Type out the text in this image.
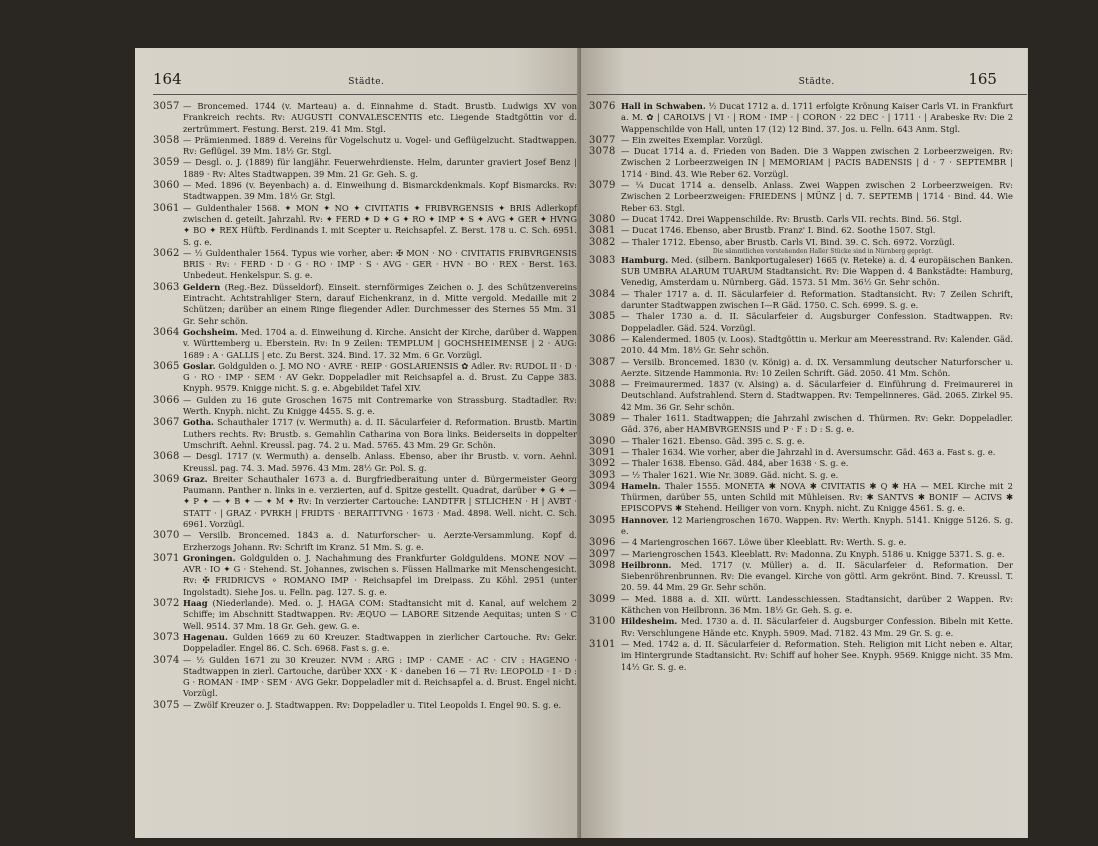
164	Städte.
3057 — Broncemed. 1744 (v. Marteau) a. d. Einnahme d. Stadt. Brustb. Ludwigs XV von Frankreich rechts. Rv: AUGUSTI CONVALESCENTIS etc. Liegende Stadtgöttin vor d. zertrümmert. Festung. Berst. 219. 41 Mm. Stgl.
3058 — Prämienmed. 1889 d. Vereins für Vogelschutz u. Vogel- und Geflügelzucht. Stadtwappen. Rv: Geflügel. 39 Mm. 18½ Gr. Stgl.
3059 — Desgl. o. J. (1889) für langjähr. Feuerwehrdienste. Helm, darunter graviert Josef Benz | 1889 · Rv: Altes Stadtwappen. 39 Mm. 21 Gr. Geh. S. g.
3060 — Med. 1896 (v. Beyenbach) a. d. Einweihung d. Bismarckdenkmals. Kopf Bismarcks. Rv: Stadtwappen. 39 Mm. 18½ Gr. Stgl.
3061 — Guldenthaler 1568. ✦ MON ✦ NO ✦ CIVITATIS ✦ FRIBVRGENSIS ✦ BRIS Adlerkopf zwischen d. geteilt. Jahrzahl. Rv: ✦ FERD ✦ D ✦ G ✦ RO ✦ IMP ✦ S ✦ AVG ✦ GER ✦ HVNG ✦ BO ✦ REX Hüftb. Ferdinands I. mit Scepter u. Reichsapfel. Z. Berst. 178 u. C. Sch. 6951. S. g. e.
3062 — ½ Guldenthaler 1564. Typus wie vorher, aber: ✠ MON · NO · CIVITATIS FRIBVRGENSIS BRIS · Rv: · FERD · D · G · RO · IMP · S · AVG · GER · HVN · BO · REX · Berst. 163. Unbedeut. Henkelspur. S. g. e.
3063 Geldern (Reg.-Bez. Düsseldorf). Einseit. sternförmiges Zeichen o. J. des Schützenvereins Eintracht. Achtstrahliger Stern, darauf Eichenkranz, in d. Mitte vergold. Medaille mit 2 Schützen; darüber an einem Ringe fliegender Adler. Durchmesser des Sternes 55 Mm. 31 Gr. Sehr schön.
3064 Gochsheim. Med. 1704 a. d. Einweihung d. Kirche. Ansicht der Kirche, darüber d. Wappen v. Württemberg u. Eberstein. Rv: In 9 Zeilen: TEMPLUM | GOCHSHEIMENSE | 2 · AUG: 1689 : A · GALLIS | etc. Zu Berst. 324. Bind. 17. 32 Mm. 6 Gr. Vorzügl.
3065 Goslar. Goldgulden o. J. MO NO · AVRE · REIP · GOSLARIENSIS ✿ Adler. Rv: RUDOL II · D · G · RO · IMP · SEM · AV Gekr. Doppeladler mit Reichsapfel a. d. Brust. Zu Cappe 383. Knyph. 9579. Knigge nicht. S. g. e. Abgebildet Tafel XIV.
3066 — Gulden zu 16 gute Groschen 1675 mit Contremarke von Strassburg. Stadtadler. Rv: Werth. Knyph. nicht. Zu Knigge 4455. S. g. e.
3067 Gotha. Schauthaler 1717 (v. Wermuth) a. d. II. Säcularfeier d. Reformation. Brustb. Martin Luthers rechts. Rv: Brustb. s. Gemahlin Catharina von Bora links. Beiderseits in doppelter Umschrift. Aehnl. Kreussl. pag. 74. 2 u. Mad. 5765. 43 Mm. 29 Gr. Schön.
3068 — Desgl. 1717 (v. Wermuth) a. denselb. Anlass. Ebenso, aber ihr Brustb. v. vorn. Aehnl. Kreussl. pag. 74. 3. Mad. 5976. 43 Mm. 28½ Gr. Pol. S. g.
3069 Graz. Breiter Schauthaler 1673 a. d. Burgfriedberaitung unter d. Bürgermeister Georg Paumann. Panther n. links in e. verzierten, auf d. Spitze gestellt. Quadrat, darüber ✦ G ✦ — ✦ P ✦ — ✦ B ✦ — ✦ M ✦ Rv: In verzierter Cartouche: LANDTFR | STLICHEN · H | AVBT · STATT · | GRAZ · PVRKH | FRIDTS · BERAITTVNG · 1673 · Mad. 4898. Well. nicht. C. Sch. 6961. Vorzügl.
3070 — Versilb. Broncemed. 1843 a. d. Naturforscher- u. Aerzte-Versammlung. Kopf d. Erzherzogs Johann. Rv: Schrift im Kranz. 51 Mm. S. g. e.
3071 Groningen. Goldgulden o. J. Nachahmung des Frankfurter Goldguldens. MONE NOV — AVR · IO ✦ G · Stehend. St. Johannes, zwischen s. Füssen Hallmarke mit Menschengesicht. Rv: ✠ FRIDRICVS ⚬ ROMANO IMP · Reichsapfel im Dreipass. Zu Köhl. 2951 (unter Ingolstadt). Siehe Jos. u. Felln. pag. 127. S. g. e.
3072 Haag (Niederlande). Med. o. J. HAGA COM: Stadtansicht mit d. Kanal, auf welchem 2 Schiffe; im Abschnitt Stadtwappen. Rv: ÆQUO — LABORE Sitzende Aequitas; unten S · C Well. 9514. 37 Mm. 18 Gr. Geh. gew. G. e.
3073 Hagenau. Gulden 1669 zu 60 Kreuzer. Stadtwappen in zierlicher Cartouche. Rv: Gekr. Doppeladler. Engel 86. C. Sch. 6968. Fast s. g. e.
3074 — ½ Gulden 1671 zu 30 Kreuzer. NVM : ARG : IMP · CAME · AC · CIV : HAGENO · Stadtwappen in zierl. Cartouche, darüber XXX · K · daneben 16 — 71 Rv: LEOPOLD · I · D : G · ROMAN · IMP · SEM · AVG Gekr. Doppeladler mit d. Reichsapfel a. d. Brust. Engel nicht. Vorzügl.
3075 — Zwölf Kreuzer o. J. Stadtwappen. Rv: Doppeladler u. Titel Leopolds I. Engel 90. S. g. e.
Städte.	165
3076 Hall in Schwaben. ½ Ducat 1712 a. d. 1711 erfolgte Krönung Kaiser Carls VI. in Frankfurt a. M. ✿ | CAROLVS | VI · | ROM · IMP · | CORON · 22 DEC · | 1711 · | Arabeske Rv: Die 2 Wappenschilde von Hall, unten 17 (12) 12 Bind. 37. Jos. u. Felln. 643 Anm. Stgl.
3077 — Ein zweites Exemplar. Vorzügl.
3078 — Ducat 1714 a. d. Frieden von Baden. Die 3 Wappen zwischen 2 Lorbeerzweigen. Rv: Zwischen 2 Lorbeerzweigen IN | MEMORIAM | PACIS BADENSIS | d · 7 · SEPTEMBR | 1714 · Bind. 43. Wie Reber 62. Vorzügl.
3079 — ¼ Ducat 1714 a. denselb. Anlass. Zwei Wappen zwischen 2 Lorbeerzweigen. Rv: Zwischen 2 Lorbeerzweigen: FRIEDENS | MÜNZ | d. 7. SEPTEMB | 1714 · Bind. 44. Wie Reber 63. Stgl.
3080 — Ducat 1742. Drei Wappenschilde. Rv: Brustb. Carls VII. rechts. Bind. 56. Stgl.
3081 — Ducat 1746. Ebenso, aber Brustb. Franz' I. Bind. 62. Soothe 1507. Stgl.
3082 — Thaler 1712. Ebenso, aber Brustb. Carls VI. Bind. 39. C. Sch. 6972. Vorzügl.
Die sämmtlichen vorstehenden Haller Stücke sind in Nürnberg geprägt.
3083 Hamburg. Med. (silbern. Bankportugaleser) 1665 (v. Reteke) a. d. 4 europäischen Banken. SUB UMBRA ALARUM TUARUM Stadtansicht. Rv: Die Wappen d. 4 Bankstädte: Hamburg, Venedig, Amsterdam u. Nürnberg. Gäd. 1573. 51 Mm. 36½ Gr. Sehr schön.
3084 — Thaler 1717 a. d. II. Säcularfeier d. Reformation. Stadtansicht. Rv: 7 Zeilen Schrift, darunter Stadtwappen zwischen I—R Gäd. 1750. C. Sch. 6999. S. g. e.
3085 — Thaler 1730 a. d. II. Säcularfeier d. Augsburger Confession. Stadtwappen. Rv: Doppeladler. Gäd. 524. Vorzügl.
3086 — Kalendermed. 1805 (v. Loos). Stadtgöttin u. Merkur am Meeresstrand. Rv: Kalender. Gäd. 2010. 44 Mm. 18½ Gr. Sehr schön.
3087 — Versilb. Broncemed. 1830 (v. König) a. d. IX. Versammlung deutscher Naturforscher u. Aerzte. Sitzende Hammonia. Rv: 10 Zeilen Schrift. Gäd. 2050. 41 Mm. Schön.
3088 — Freimaurermed. 1837 (v. Alsing) a. d. Säcularfeier d. Einführung d. Freimaurerei in Deutschland. Aufstrahlend. Stern d. Stadtwappen. Rv: Tempelinneres. Gäd. 2065. Zirkel 95. 42 Mm. 36 Gr. Sehr schön.
3089 — Thaler 1611. Stadtwappen; die Jahrzahl zwischen d. Thürmen. Rv: Gekr. Doppeladler. Gäd. 376, aber HAMBVRGENSIS und P · F : D : S. g. e.
3090 — Thaler 1621. Ebenso. Gäd. 395 c. S. g. e.
3091 — Thaler 1634. Wie vorher, aber die Jahrzahl in d. Aversumschr. Gäd. 463 a. Fast s. g. e.
3092 — Thaler 1638. Ebenso. Gäd. 484, aber 1638 · S. g. e.
3093 — ½ Thaler 1621. Wie Nr. 3089. Gäd. nicht. S. g. e.
3094 Hameln. Thaler 1555. MONETA ✱ NOVA ✱ CIVITATIS ✱ Q ✱ HA — MEL Kirche mit 2 Thürmen, darüber 55, unten Schild mit Mühleisen. Rv: ✱ SANTVS ✱ BONIF — ACIVS ✱ EPISCOPVS ✱ Stehend. Heiliger von vorn. Knyph. nicht. Zu Knigge 4561. S. g. e.
3095 Hannover. 12 Mariengroschen 1670. Wappen. Rv: Werth. Knyph. 5141. Knigge 5126. S. g. e.
3096 — 4 Mariengroschen 1667. Löwe über Kleeblatt. Rv: Werth. S. g. e.
3097 — Mariengroschen 1543. Kleeblatt. Rv: Madonna. Zu Knyph. 5186 u. Knigge 5371. S. g. e.
3098 Heilbronn. Med. 1717 (v. Müller) a. d. II. Säcularfeier d. Reformation. Der Siebenröhrenbrunnen. Rv: Die evangel. Kirche von göttl. Arm gekrönt. Bind. 7. Kreussl. T. 20. 59. 44 Mm. 29 Gr. Sehr schön.
3099 — Med. 1888 a. d. XII. württ. Landesschiessen. Stadtansicht, darüber 2 Wappen. Rv: Käthchen von Heilbronn. 36 Mm. 18½ Gr. Geh. S. g. e.
3100 Hildesheim. Med. 1730 a. d. II. Säcularfeier d. Augsburger Confession. Bibeln mit Kette. Rv: Verschlungene Hände etc. Knyph. 5909. Mad. 7182. 43 Mm. 29 Gr. S. g. e.
3101 — Med. 1742 a. d. II. Säcularfeier d. Reformation. Steh. Religion mit Licht neben e. Altar, im Hintergrunde Stadtansicht. Rv: Schiff auf hoher See. Knyph. 9569. Knigge nicht. 35 Mm. 14½ Gr. S. g. e.
